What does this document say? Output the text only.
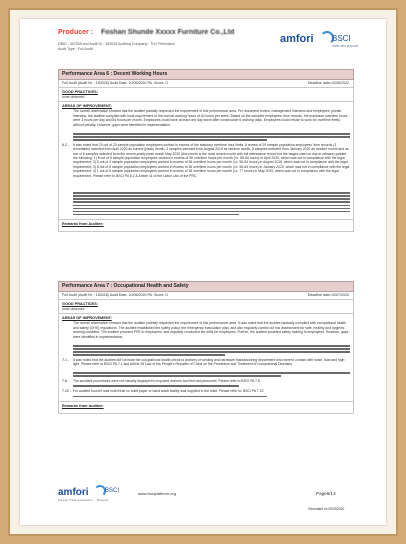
Producer : Foshan Shunde Xxxxx Furniture Co.,Ltd
DBID : 367838 and Audit ID : 183028 Auditing Company : TUV Rheinland
Audit Type : Full Audit
amfori BSCI
trade with purpose
Performance Area 6 : Decent Working Hours
Full Audit (Audit Nr. : 183028) Audit Date: 10/06/2020 PA. Score: D	Deadline date:10/06/2022
GOOD PRACTICES:
none observed
AREAS OF IMPROVEMENT:
The overall observation showed that the auditee partially respected the requirement of this performance area. Per document review, management interview and employees' private interview, the auditee complied with local requirement of the normal working hours of 40 hours per week. Based on the sampled employees' time records, the maximum overtime hours were 3 hours per day and 84 hours per month. Employees could have at least one day leave after consecutive 6 working days. Employees could refuse to work for overtime freely, without penalty. However, gaps were identified in implementation.
6.2 - It was noted that 20 out of 20 sample population employees worked in excess of the statutory overtime hour limits. A review of 20 sample population employees' time records (3 recordable) selected from April 2020 as current (peak) month, 3 samples selected from August 2019 as random month, 8 samples selected from January 2020 as random month and as low of 8 samples selected from the recent yearly peak month May 2020 (this month is the most recent month with full attendance record but the wages was not due to release) yielded the following: 1) 8 out of 8 sample population employees worked in excess of 36 overtime hours per month (i.e. 58-84 hours) in April 2020, which was not in compliance with the legal requirement; 2) 3 out of 3 sample population employees worked in excess of 36 overtime hours per month (i.e. 56-84 hours) in August 2019, which was not in compliance with the legal requirement; 3) 8 out of 8 sample population employees worked in excess of 36 overtime hours per month (i.e. 58-84 hours) in January 2020, which was not in compliance with the legal requirement; 4) 1 out of 8 sample population employees worked in excess of 36 overtime hours per month (i.e. 77 hours) in May 2020, which was not in compliance with the legal requirement. Please refer to BSCI PA 6.2 & Article 41 of the Labor Law of the PRC.
Remarks from Auditee:
Performance Area 7 : Occupational Health and Safety
Full Audit (Audit Nr. : 183028) Audit Date: 10/06/2020 PA. Score: D	Deadline date:10/07/2020
GOOD PRACTICES:
none observed
AREAS OF IMPROVEMENT:
The overall observation showed that the auditee partially respected the requirement of this performance area. It was noted that the auditee basically complied with occupational health and safety (OHS) regulations. The auditee established the safety policy, the emergency evacuation plan, and also regularly carried out risk assessment for safe, healthy and hygienic working condition. The auditee provided PPE to employees, and regularly conducted fire drills for employees. Further, the auditee provided safety training to employees. However, gaps were identified in implementation.
7.1 - It was noted that the auditee did't provide the occupational health check to workers of welding and hardware manufacturing department who weren't contact with noise, dust and high light. Please refer to BSCI PA 7.1 and Article 35 Law of the People's Republic of China on the Prevention and Treatment of Occupational Diseases.
7.8 - The accident procedures were not visually displayed to exposed workers and first-aid personnel. Please refer to BSCI PA 7.8
7.22 - For auditee found it was noted that no toilet paper or hand wash facility was supplied in the toilet. Please refer to: BSCI PA 7.22
Remarks from Auditee:
amfori	BSCI	www.bsciplatform.org	Page6/13
Foreign Trade Association ... Brussels
Generated on 09/09/2020
